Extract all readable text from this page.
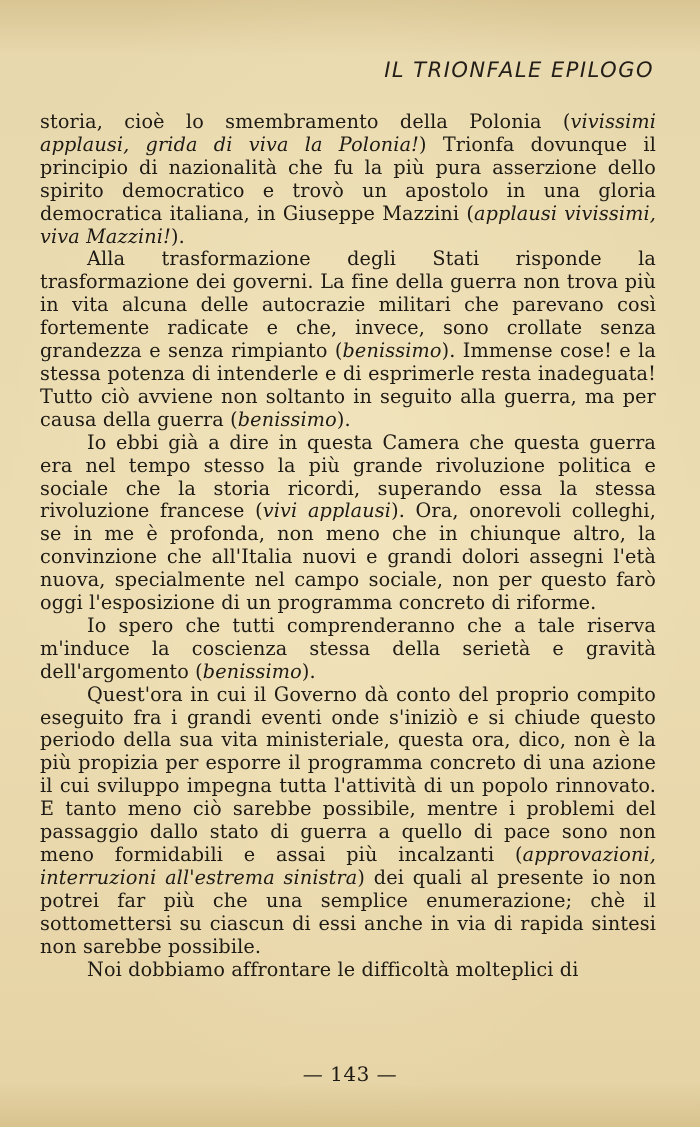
IL TRIONFALE EPILOGO

storia, cioè lo smembramento della Polonia (vivissimi applausi, grida di viva la Polonia!) Trionfa dovunque il principio di nazionalità che fu la più pura asserzione dello spirito democratico e trovò un apostolo in una gloria democratica italiana, in Giuseppe Mazzini (applausi vivissimi, viva Mazzini!).

Alla trasformazione degli Stati risponde la trasformazione dei governi. La fine della guerra non trova più in vita alcuna delle autocrazie militari che parevano così fortemente radicate e che, invece, sono crollate senza grandezza e senza rimpianto (benissimo). Immense cose! e la stessa potenza di intenderle e di esprimerle resta inadeguata! Tutto ciò avviene non soltanto in seguito alla guerra, ma per causa della guerra (benissimo).

Io ebbi già a dire in questa Camera che questa guerra era nel tempo stesso la più grande rivoluzione politica e sociale che la storia ricordi, superando essa la stessa rivoluzione francese (vivi applausi). Ora, onorevoli colleghi, se in me è profonda, non meno che in chiunque altro, la convinzione che all'Italia nuovi e grandi dolori assegni l'età nuova, specialmente nel campo sociale, non per questo farò oggi l'esposizione di un programma concreto di riforme.

Io spero che tutti comprenderanno che a tale riserva m'induce la coscienza stessa della serietà e gravità dell'argomento (benissimo).

Quest'ora in cui il Governo dà conto del proprio compito eseguito fra i grandi eventi onde s'iniziò e si chiude questo periodo della sua vita ministeriale, questa ora, dico, non è la più propizia per esporre il programma concreto di una azione il cui sviluppo impegna tutta l'attività di un popolo rinnovato. E tanto meno ciò sarebbe possibile, mentre i problemi del passaggio dallo stato di guerra a quello di pace sono non meno formidabili e assai più incalzanti (approvazioni, interruzioni all'estrema sinistra) dei quali al presente io non potrei far più che una semplice enumerazione; chè il sottomettersi su ciascun di essi anche in via di rapida sintesi non sarebbe possibile.

Noi dobbiamo affrontare le difficoltà molteplici di

— 143 —
